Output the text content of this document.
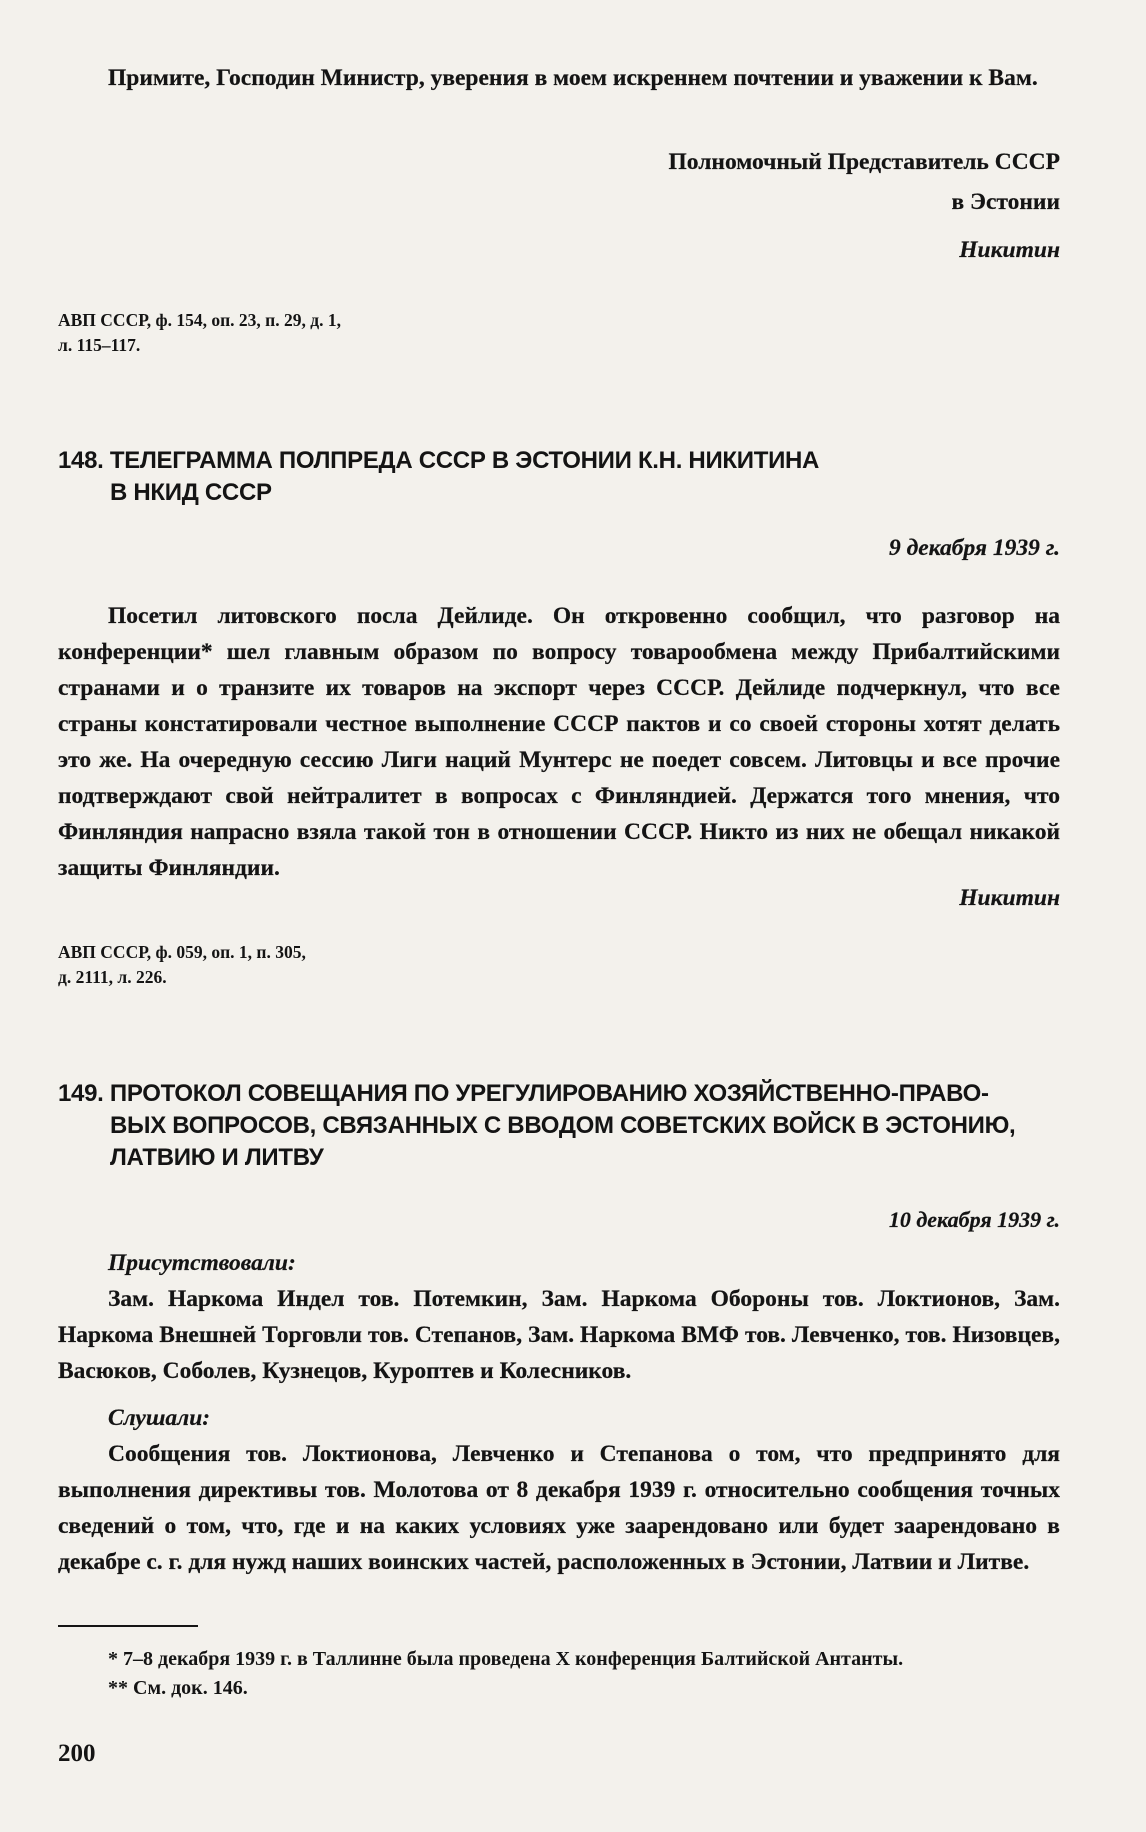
Примите, Господин Министр, уверения в моем искреннем почтении и уважении к Вам.

Полномочный Представитель СССР

в Эстонии

Никитин

АВП СССР, ф. 154, оп. 23, п. 29, д. 1,

л. 115–117.

148. ТЕЛЕГРАММА ПОЛПРЕДА СССР В ЭСТОНИИ К.Н. НИКИТИНА

В НКИД СССР

9 декабря 1939 г.

Посетил литовского посла Дейлиде. Он откровенно сообщил, что разговор на конференции* шел главным образом по вопросу товарообмена между Прибалтийскими странами и о транзите их товаров на экспорт через СССР. Дейлиде подчеркнул, что все страны констатировали честное выполнение СССР пактов и со своей стороны хотят делать это же. На очередную сессию Лиги наций Мунтерс не поедет совсем. Литовцы и все прочие подтверждают свой нейтралитет в вопросах с Финляндией. Держатся того мнения, что Финляндия напрасно взяла такой тон в отношении СССР. Никто из них не обещал никакой защиты Финляндии.

Никитин

АВП СССР, ф. 059, оп. 1, п. 305,

д. 2111, л. 226.

149. ПРОТОКОЛ СОВЕЩАНИЯ ПО УРЕГУЛИРОВАНИЮ ХОЗЯЙСТВЕННО-ПРАВО-

ВЫХ ВОПРОСОВ, СВЯЗАННЫХ С ВВОДОМ СОВЕТСКИХ ВОЙСК В ЭСТОНИЮ,

ЛАТВИЮ И ЛИТВУ

10 декабря 1939 г.

Присутствовали:

Зам. Наркома Индел тов. Потемкин, Зам. Наркома Обороны тов. Локтионов, Зам. Наркома Внешней Торговли тов. Степанов, Зам. Наркома ВМФ тов. Левченко, тов. Низовцев, Васюков, Соболев, Кузнецов, Куроптев и Колесников.

Слушали:

Сообщения тов. Локтионова, Левченко и Степанова о том, что предпринято для выполнения директивы тов. Молотова от 8 декабря 1939 г. относительно сообщения точных сведений о том, что, где и на каких условиях уже заарендовано или будет заарендовано в декабре с. г. для нужд наших воинских частей, расположенных в Эстонии, Латвии и Литве.

* 7–8 декабря 1939 г. в Таллинне была проведена X конференция Балтийской Антанты.

** См. док. 146.

200
